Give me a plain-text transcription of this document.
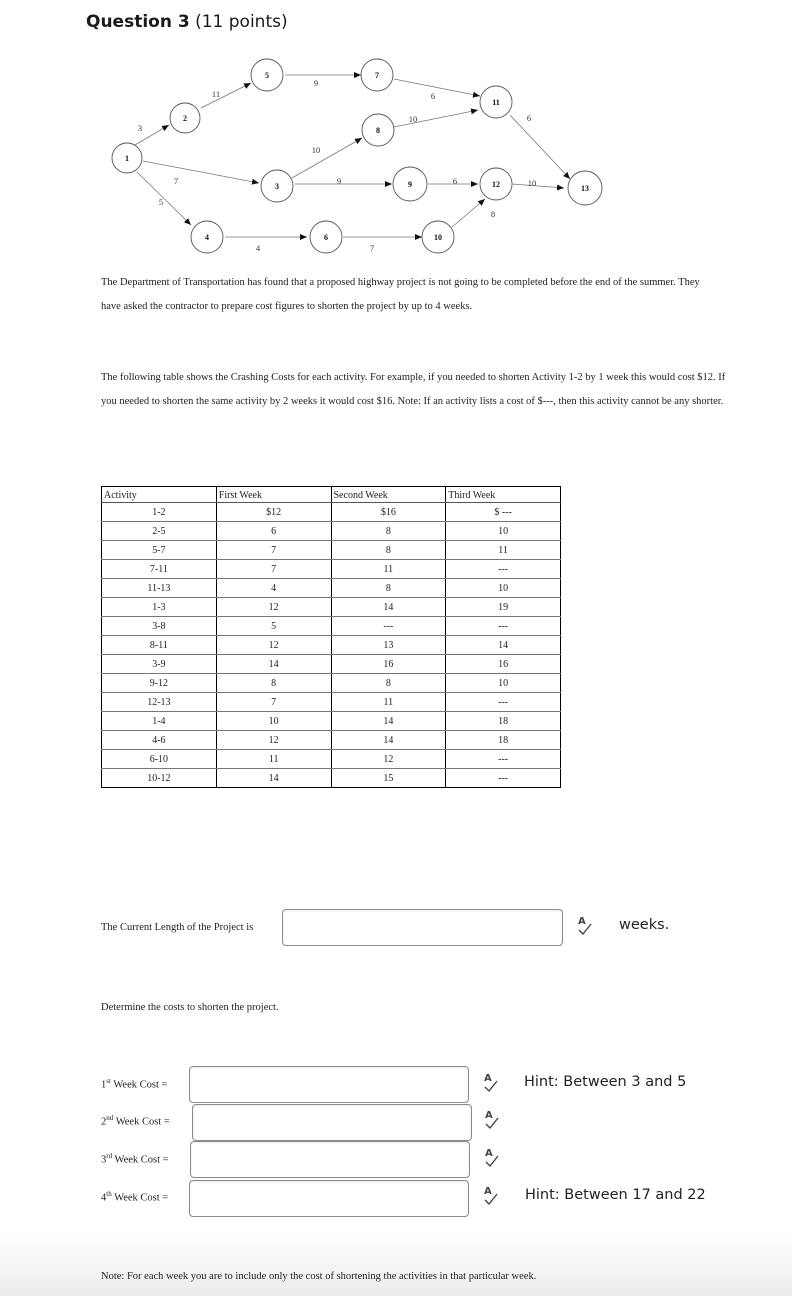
Question 3 (11 points)
3
11
9
6
6
10
7
5
10
9	6	10
4	7
8
1
2
3
4
5
6
7
8
9
10
11
12	13
The Department of Transportation has found that a proposed highway project is not going to be completed before the end of the summer. They have asked the contractor to prepare cost figures to shorten the project by up to 4 weeks.
The following table shows the Crashing Costs for each activity. For example, if you needed to shorten Activity 1-2 by 1 week this would cost $12. If you needed to shorten the same activity by 2 weeks it would cost $16. Note: If an activity lists a cost of $---, then this activity cannot be any shorter.
Activity	First Week	Second Week	Third Week
1-2	$12	$16	$ ---
2-5	6	8	10
5-7	7	8	11
7-11	7	11	---
11-13	4	8	10
1-3	12	14	19
3-8	5	---	---
8-11	12	13	14
3-9	14	16	16
9-12	8	8	10
12-13	7	11	---
1-4	10	14	18
4-6	12	14	18
6-10	11	12	---
10-12	14	15	---
The Current Length of the Project is
A weeks.
Determine the costs to shorten the project.
1st Week Cost =
A Hint: Between 3 and 5
2nd Week Cost =
A
3rd Week Cost =
A
4th Week Cost =
A Hint: Between 17 and 22
Note: For each week you are to include only the cost of shortening the activities in that particular week.
